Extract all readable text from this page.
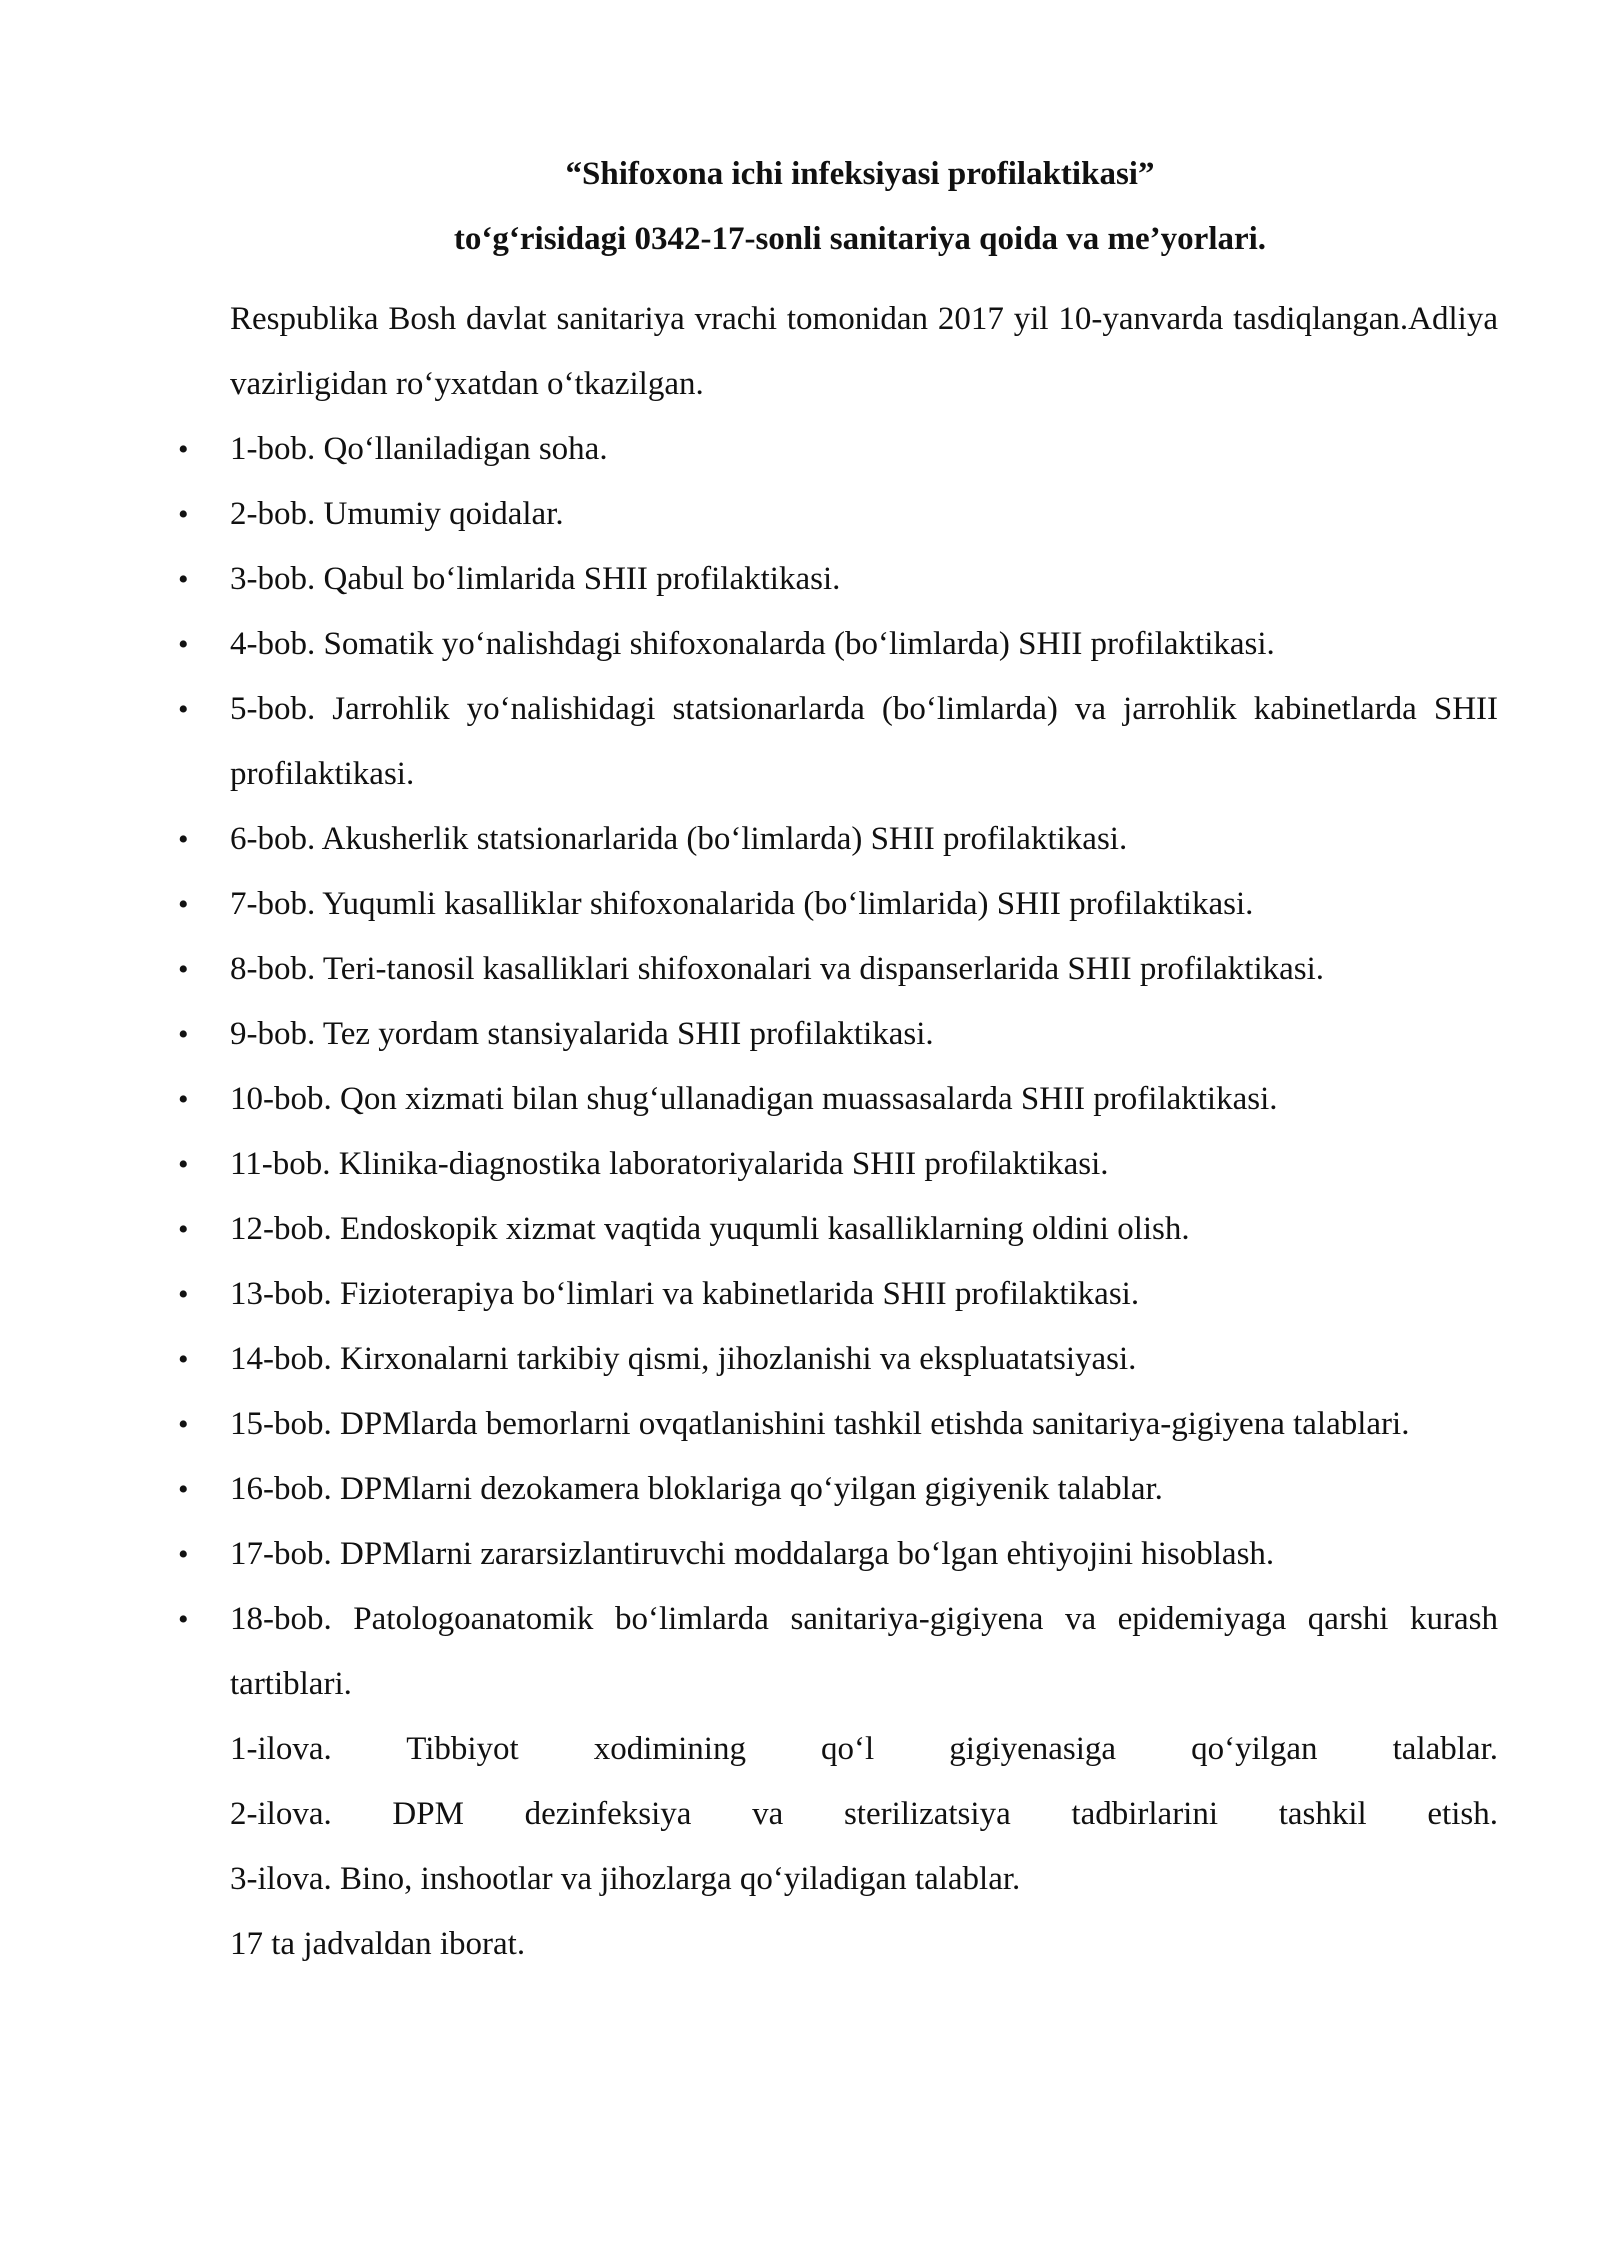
“Shifoxona ichi infeksiyasi profilaktikasi”

to‘g‘risidagi 0342-17-sonli sanitariya qoida va me’yorlari.

Respublika Bosh davlat sanitariya vrachi tomonidan 2017 yil 10-yanvarda tasdiqlangan.Adliya vazirligidan ro‘yxatdan o‘tkazilgan.

• 1-bob. Qo‘llaniladigan soha.
• 2-bob. Umumiy qoidalar.
• 3-bob. Qabul bo‘limlarida SHII profilaktikasi.
• 4-bob. Somatik yo‘nalishdagi shifoxonalarda (bo‘limlarda) SHII profilaktikasi.
• 5-bob. Jarrohlik yo‘nalishidagi statsionarlarda (bo‘limlarda) va jarrohlik kabinetlarda SHII profilaktikasi.
• 6-bob. Akusherlik statsionarlarida (bo‘limlarda) SHII profilaktikasi.
• 7-bob. Yuqumli kasalliklar shifoxonalarida (bo‘limlarida) SHII profilaktikasi.
• 8-bob. Teri-tanosil kasalliklari shifoxonalari va dispanserlarida SHII profilaktikasi.
• 9-bob. Tez yordam stansiyalarida SHII profilaktikasi.
• 10-bob. Qon xizmati bilan shug‘ullanadigan muassasalarda SHII profilaktikasi.
• 11-bob. Klinika-diagnostika laboratoriyalarida SHII profilaktikasi.
• 12-bob. Endoskopik xizmat vaqtida yuqumli kasalliklarning oldini olish.
• 13-bob. Fizioterapiya bo‘limlari va kabinetlarida SHII profilaktikasi.
• 14-bob. Kirxonalarni tarkibiy qismi, jihozlanishi va ekspluatatsiyasi.
• 15-bob. DPMlarda bemorlarni ovqatlanishini tashkil etishda sanitariya-gigiyena talablari.
• 16-bob. DPMlarni dezokamera bloklariga qo‘yilgan gigiyenik talablar.
• 17-bob. DPMlarni zararsizlantiruvchi moddalarga bo‘lgan ehtiyojini hisoblash.
• 18-bob. Patologoanatomik bo‘limlarda sanitariya-gigiyena va epidemiyaga qarshi kurash tartiblari.

1-ilova. Tibbiyot xodimining qo‘l gigiyenasiga qo‘yilgan talablar.

2-ilova. DPM dezinfeksiya va sterilizatsiya tadbirlarini tashkil etish.

3-ilova. Bino, inshootlar va jihozlarga qo‘yiladigan talablar.

17 ta jadvaldan iborat.
